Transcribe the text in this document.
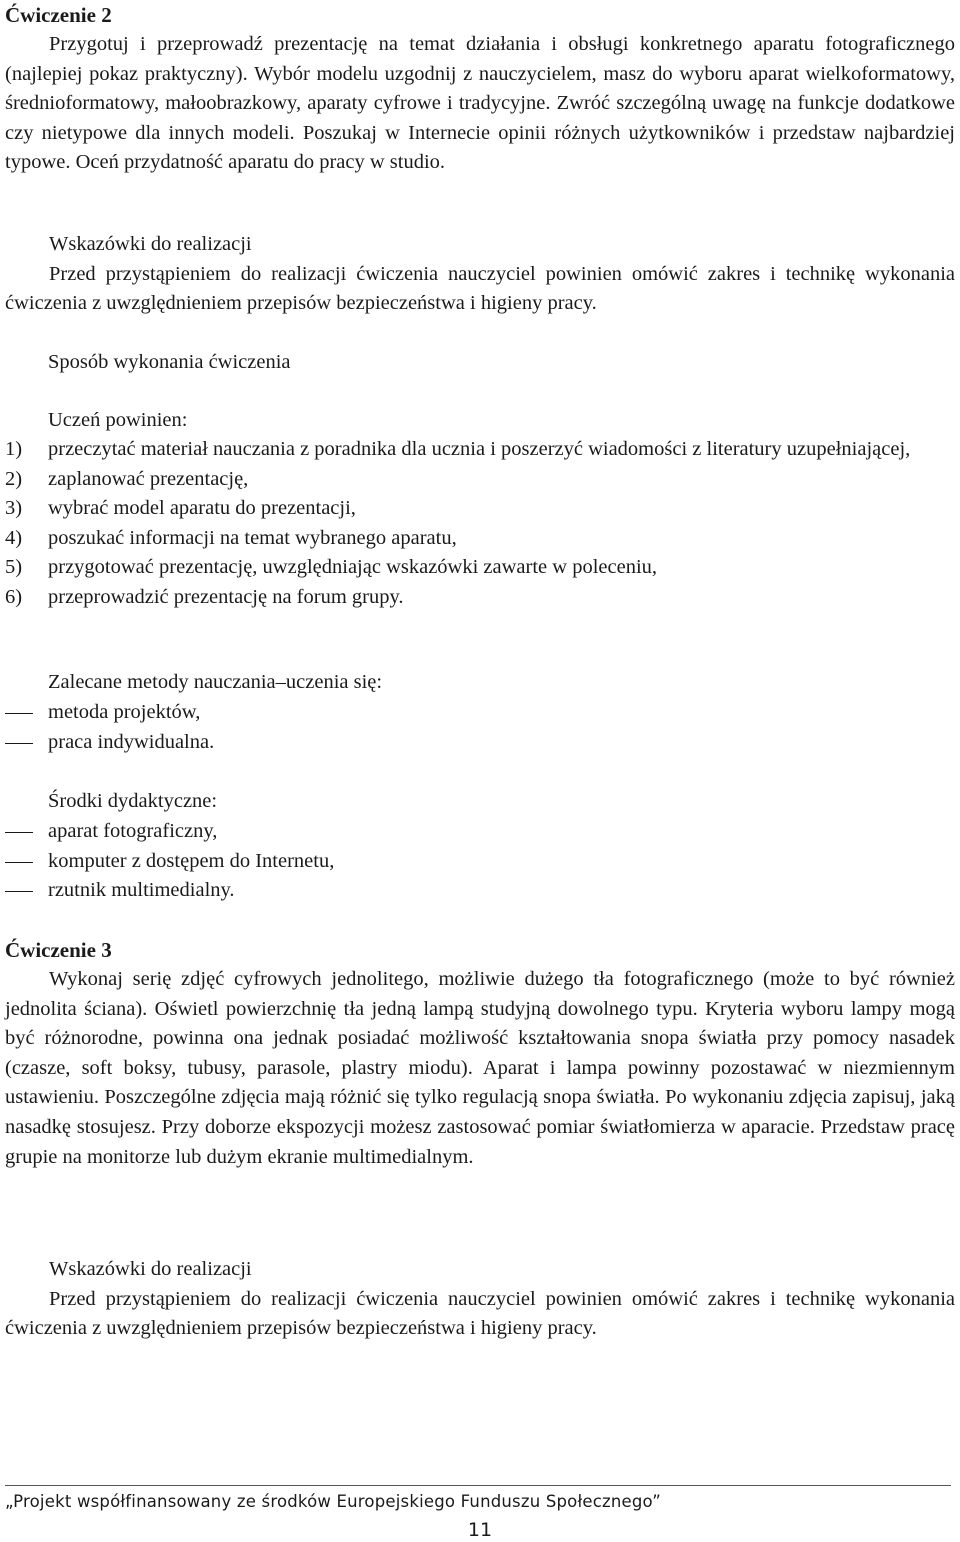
Ćwiczenie 2
Przygotuj i przeprowadź prezentację na temat działania i obsługi konkretnego aparatu fotograficznego (najlepiej pokaz praktyczny). Wybór modelu uzgodnij z nauczycielem, masz do wyboru aparat wielkoformatowy, średnioformatowy, małoobrazkowy, aparaty cyfrowe i tradycyjne. Zwróć szczególną uwagę na funkcje dodatkowe czy nietypowe dla innych modeli. Poszukaj w Internecie opinii różnych użytkowników i przedstaw najbardziej typowe. Oceń przydatność aparatu do pracy w studio.
Wskazówki do realizacji
Przed przystąpieniem do realizacji ćwiczenia nauczyciel powinien omówić zakres i technikę wykonania ćwiczenia z uwzględnieniem przepisów bezpieczeństwa i higieny pracy.
Sposób wykonania ćwiczenia
Uczeń powinien:
1) przeczytać materiał nauczania z poradnika dla ucznia i poszerzyć wiadomości z literatury uzupełniającej,
2) zaplanować prezentację,
3) wybrać model aparatu do prezentacji,
4) poszukać informacji na temat wybranego aparatu,
5) przygotować prezentację, uwzględniając wskazówki zawarte w poleceniu,
6) przeprowadzić prezentację na forum grupy.
Zalecane metody nauczania–uczenia się:
metoda projektów,
praca indywidualna.
Środki dydaktyczne:
aparat fotograficzny,
komputer z dostępem do Internetu,
rzutnik multimedialny.
Ćwiczenie 3
Wykonaj serię zdjęć cyfrowych jednolitego, możliwie dużego tła fotograficznego (może to być również jednolita ściana). Oświetl powierzchnię tła jedną lampą studyjną dowolnego typu. Kryteria wyboru lampy mogą być różnorodne, powinna ona jednak posiadać możliwość kształtowania snopa światła przy pomocy nasadek (czasze, soft boksy, tubusy, parasole, plastry miodu). Aparat i lampa powinny pozostawać w niezmiennym ustawieniu. Poszczególne zdjęcia mają różnić się tylko regulacją snopa światła. Po wykonaniu zdjęcia zapisuj, jaką nasadkę stosujesz. Przy doborze ekspozycji możesz zastosować pomiar światłomierza w aparacie. Przedstaw pracę grupie na monitorze lub dużym ekranie multimedialnym.
Wskazówki do realizacji
Przed przystąpieniem do realizacji ćwiczenia nauczyciel powinien omówić zakres i technikę wykonania ćwiczenia z uwzględnieniem przepisów bezpieczeństwa i higieny pracy.
„Projekt współfinansowany ze środków Europejskiego Funduszu Społecznego”
11
